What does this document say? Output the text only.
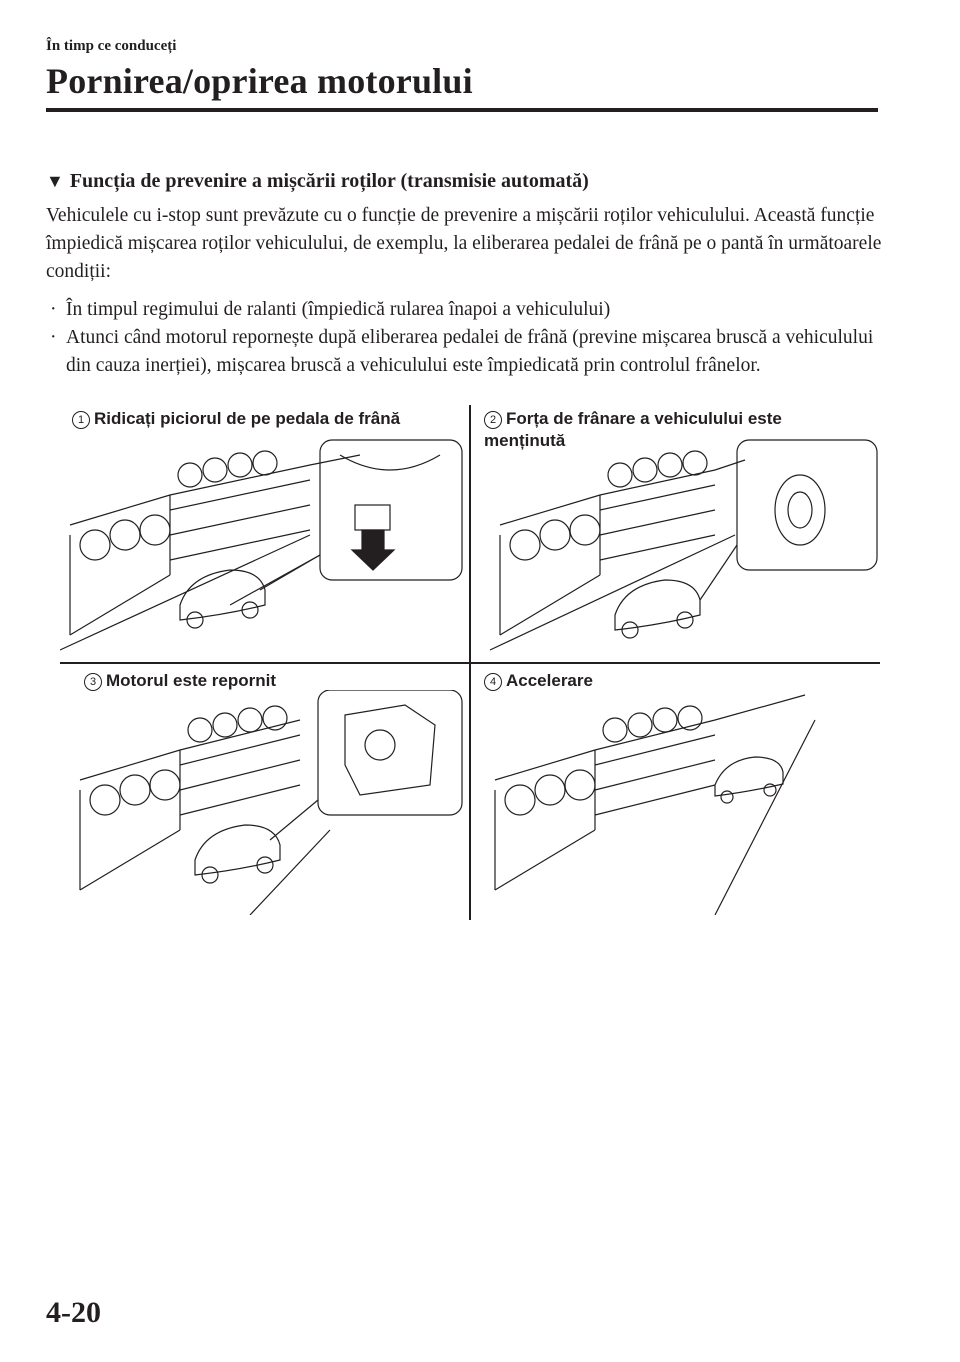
În timp ce conduceți
Pornirea/oprirea motorului
▼ Funcția de prevenire a mișcării roților (transmisie automată)
Vehiculele cu i-stop sunt prevăzute cu o funcție de prevenire a mișcării roților vehiculului. Această funcție împiedică mișcarea roților vehiculului, de exemplu, la eliberarea pedalei de frână pe o pantă în următoarele condiții:
· În timpul regimului de ralanti (împiedică rularea înapoi a vehiculului)
· Atunci când motorul repornește după eliberarea pedalei de frână (previne mișcarea bruscă a vehiculului din cauza inerției), mișcarea bruscă a vehiculului este împiedicată prin controlul frânelor.
1 Ridicați piciorul de pe pedala de frână	2 Forța de frânare a vehiculului este menținută
3 Motorul este repornit	4 Accelerare
4-20
